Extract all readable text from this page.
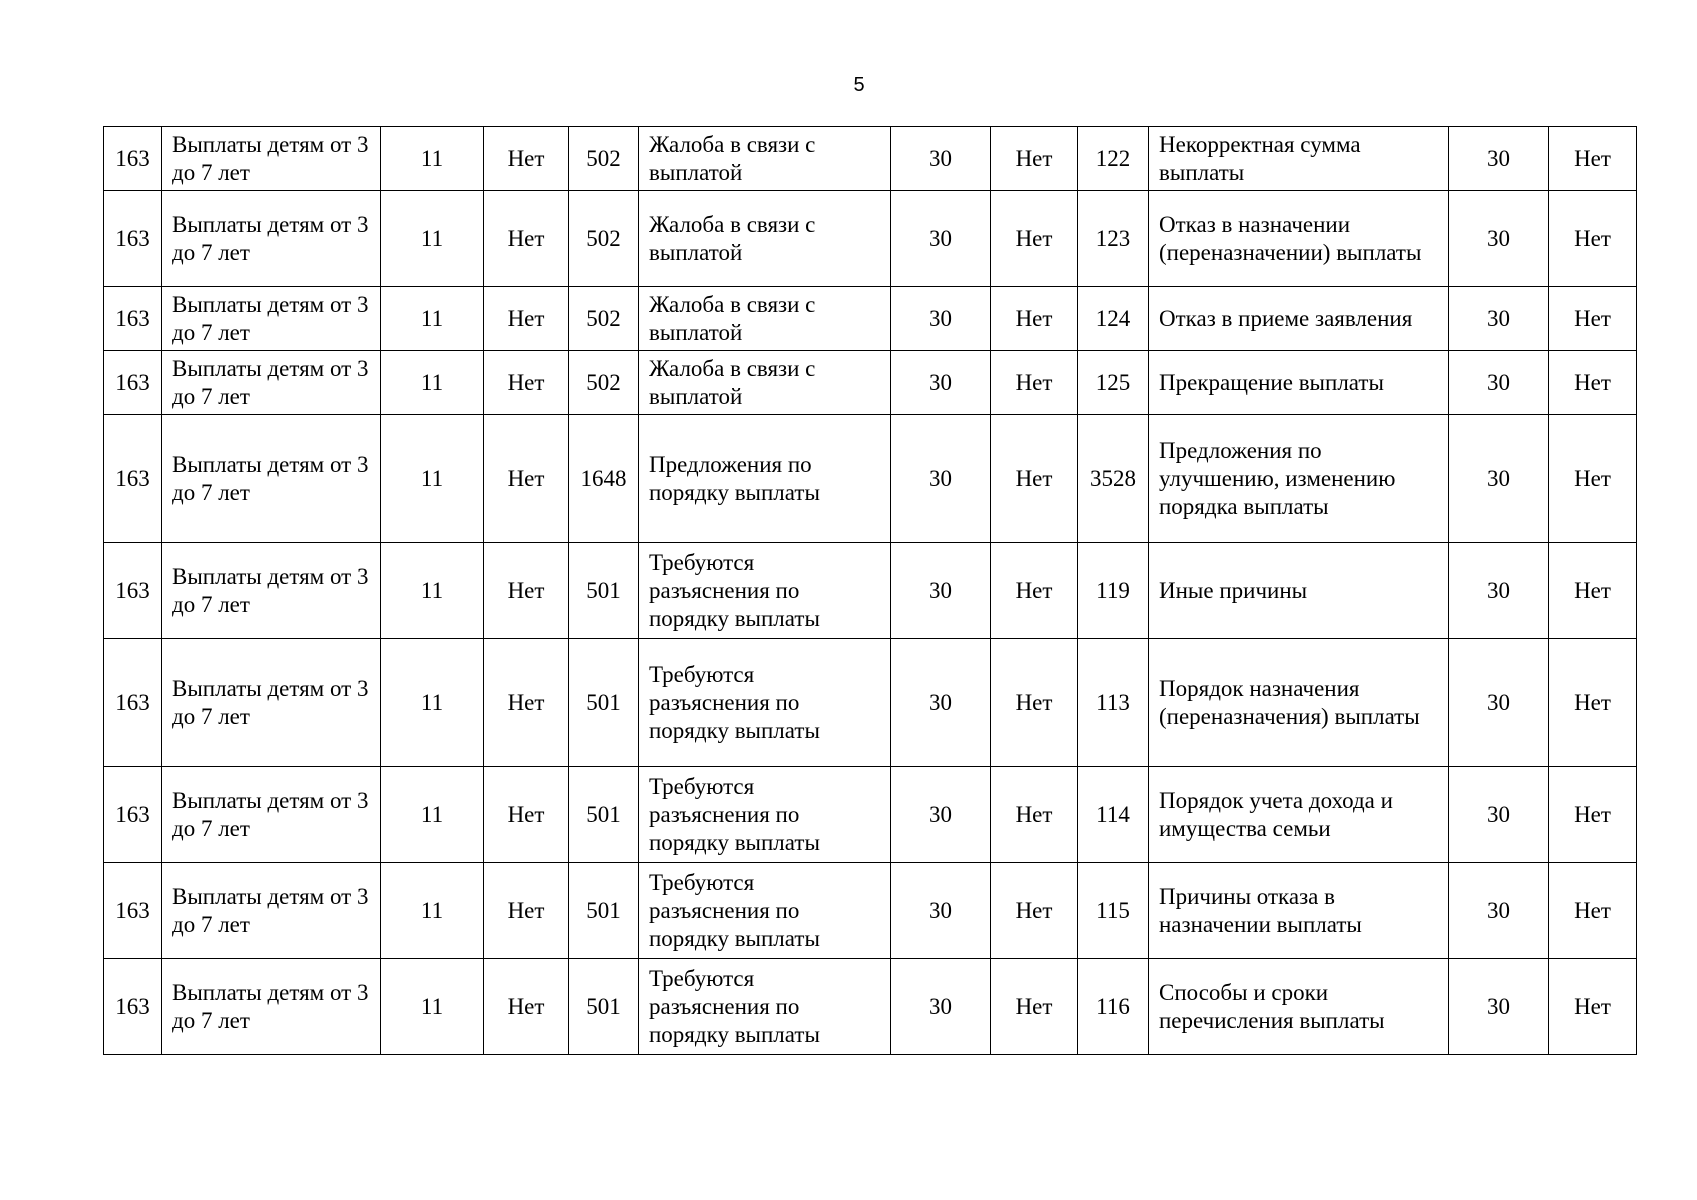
5
163	Выплаты детям от 3 до 7 лет	11	Нет	502	Жалоба в связи с выплатой	30	Нет	122	Некорректная сумма выплаты	30	Нет
163	Выплаты детям от 3 до 7 лет	11	Нет	502	Жалоба в связи с выплатой	30	Нет	123	Отказ в назначении (переназначении) выплаты	30	Нет
163	Выплаты детям от 3 до 7 лет	11	Нет	502	Жалоба в связи с выплатой	30	Нет	124	Отказ в приеме заявления	30	Нет
163	Выплаты детям от 3 до 7 лет	11	Нет	502	Жалоба в связи с выплатой	30	Нет	125	Прекращение выплаты	30	Нет
163	Выплаты детям от 3 до 7 лет	11	Нет	1648	Предложения по порядку выплаты	30	Нет	3528	Предложения по улучшению, изменению порядка выплаты	30	Нет
163	Выплаты детям от 3 до 7 лет	11	Нет	501	Требуются разъяснения по порядку выплаты	30	Нет	119	Иные причины	30	Нет
163	Выплаты детям от 3 до 7 лет	11	Нет	501	Требуются разъяснения по порядку выплаты	30	Нет	113	Порядок назначения (переназначения) выплаты	30	Нет
163	Выплаты детям от 3 до 7 лет	11	Нет	501	Требуются разъяснения по порядку выплаты	30	Нет	114	Порядок учета дохода и имущества семьи	30	Нет
163	Выплаты детям от 3 до 7 лет	11	Нет	501	Требуются разъяснения по порядку выплаты	30	Нет	115	Причины отказа в назначении выплаты	30	Нет
163	Выплаты детям от 3 до 7 лет	11	Нет	501	Требуются разъяснения по порядку выплаты	30	Нет	116	Способы и сроки перечисления выплаты	30	Нет
